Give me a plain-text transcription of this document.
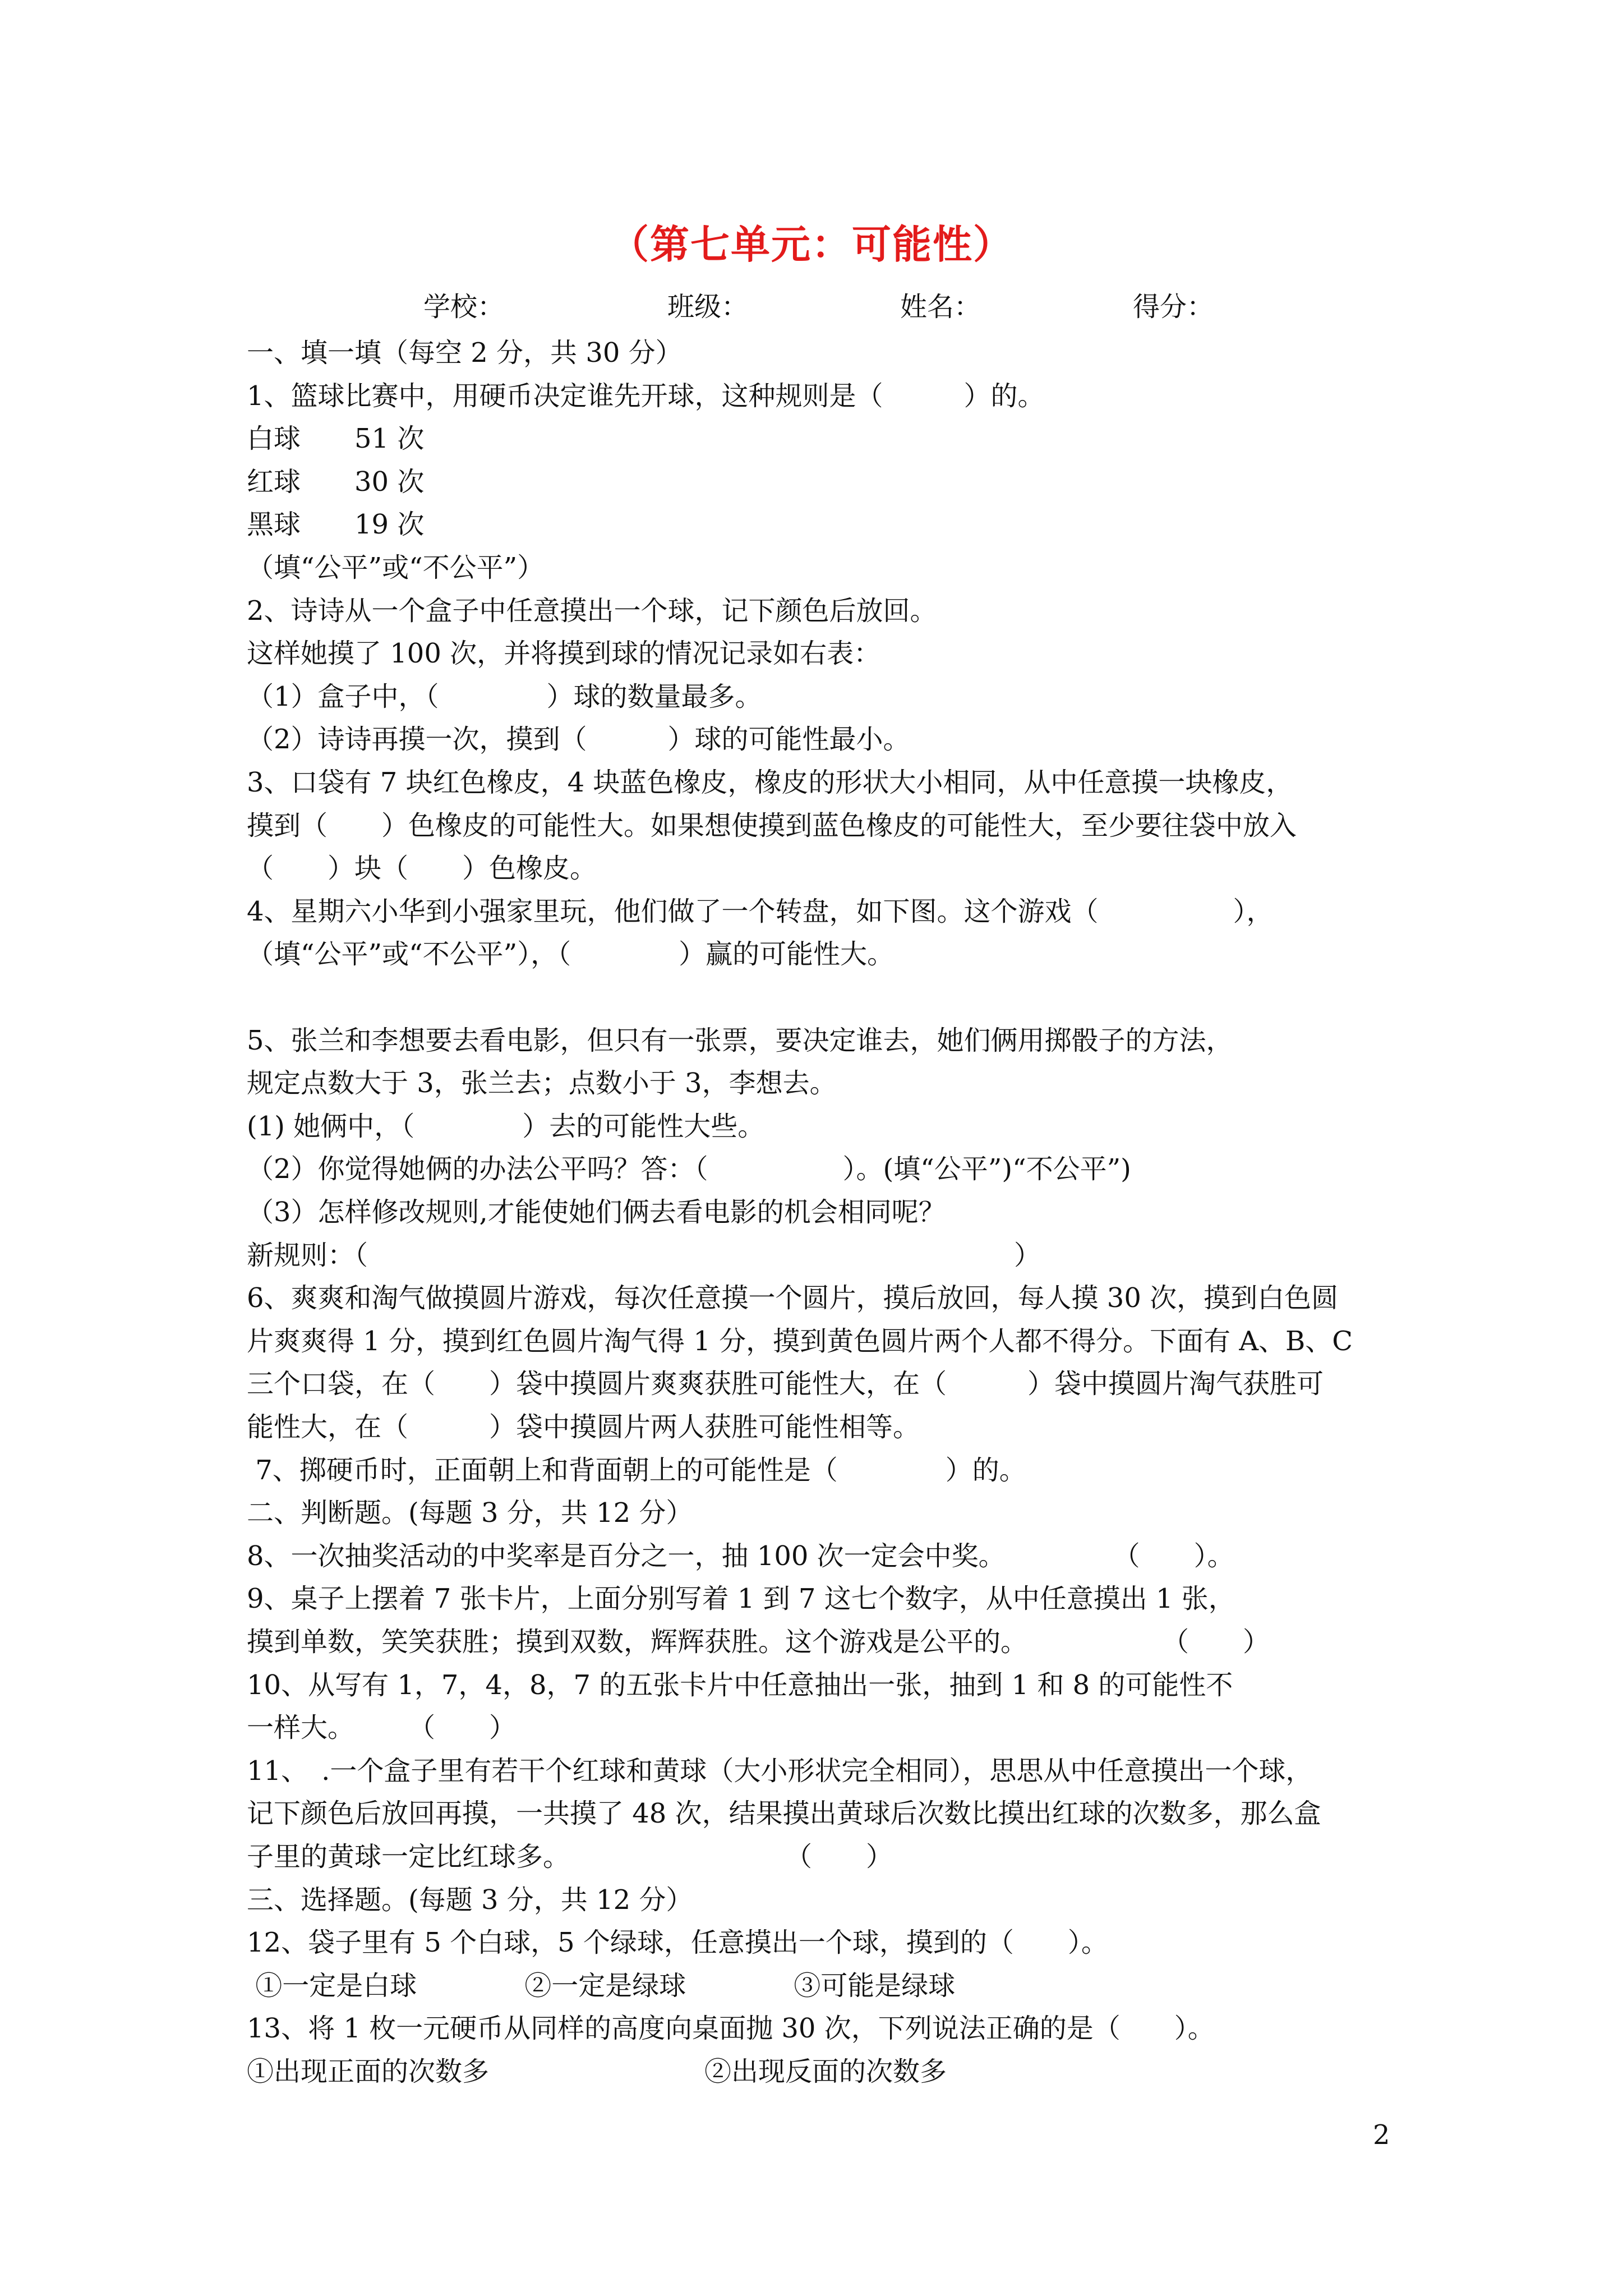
（第七单元：可能性）
学校：	班级：	姓名：	得分：
一、填一填（每空 2 分，共 30 分）
1、篮球比赛中，用硬币决定谁先开球，这种规则是（　　　）的。
白球　　51 次
红球　　30 次
黑球　　19 次
（填“公平”或“不公平”）
2、诗诗从一个盒子中任意摸出一个球，记下颜色后放回。
这样她摸了 100 次，并将摸到球的情况记录如右表：
（1）盒子中，（　　　　）球的数量最多。
（2）诗诗再摸一次，摸到（　　　）球的可能性最小。
3、口袋有 7 块红色橡皮，4 块蓝色橡皮，橡皮的形状大小相同，从中任意摸一块橡皮，
摸到（　　）色橡皮的可能性大。如果想使摸到蓝色橡皮的可能性大，至少要往袋中放入
（　　）块（　　）色橡皮。
4、星期六小华到小强家里玩，他们做了一个转盘，如下图。这个游戏（　　　　　），
（填“公平”或“不公平”），（　　　　）赢的可能性大。
5、张兰和李想要去看电影，但只有一张票，要决定谁去，她们俩用掷骰子的方法，
规定点数大于 3，张兰去；点数小于 3，李想去。
(1) 她俩中，（　　　　）去的可能性大些。
（2）你觉得她俩的办法公平吗？答：（　　　　　）。(填“公平”)“不公平”)
（3）怎样修改规则,才能使她们俩去看电影的机会相同呢？
新规则：（　　　　　　　　　　　　　　　　　　　　　　　　）
6、爽爽和淘气做摸圆片游戏，每次任意摸一个圆片，摸后放回，每人摸 30 次，摸到白色圆
片爽爽得 1 分，摸到红色圆片淘气得 1 分，摸到黄色圆片两个人都不得分。下面有 A、B、C
三个口袋，在（　　）袋中摸圆片爽爽获胜可能性大，在（　　　）袋中摸圆片淘气获胜可
能性大，在（　　　）袋中摸圆片两人获胜可能性相等。
7、掷硬币时，正面朝上和背面朝上的可能性是（　　　　）的。
二、判断题。(每题 3 分，共 12 分）
8、一次抽奖活动的中奖率是百分之一，抽 100 次一定会中奖。　　　　　（　　）。
9、桌子上摆着 7 张卡片，上面分别写着 1 到 7 这七个数字，从中任意摸出 1 张，
摸到单数，笑笑获胜；摸到双数，辉辉获胜。这个游戏是公平的。　　　　　　（　　）
10、从写有 1，7，4，8，7 的五张卡片中任意抽出一张，抽到 1 和 8 的可能性不
一样大。　　　（　　）
11、　.一个盒子里有若干个红球和黄球（大小形状完全相同），思思从中任意摸出一个球，
记下颜色后放回再摸，一共摸了 48 次，结果摸出黄球后次数比摸出红球的次数多，那么盒
子里的黄球一定比红球多。　　　　　　　　　（　　）
三、选择题。(每题 3 分，共 12 分）
12、袋子里有 5 个白球，5 个绿球，任意摸出一个球，摸到的（　　）。
①一定是白球　　　　②一定是绿球　　　　③可能是绿球
13、将 1 枚一元硬币从同样的高度向桌面抛 30 次，下列说法正确的是（　　）。
①出现正面的次数多　　　　　　　　②出现反面的次数多
2
